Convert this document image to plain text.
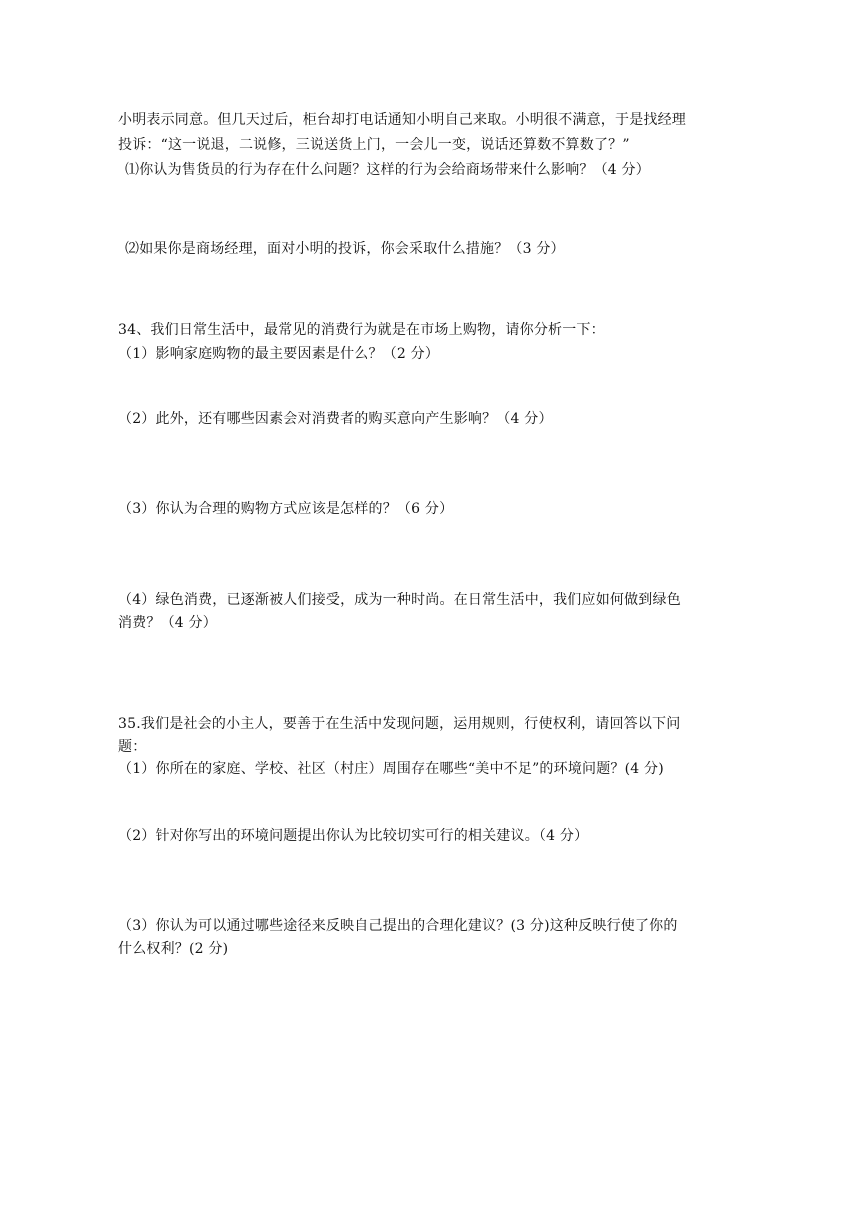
小明表示同意。但几天过后，柜台却打电话通知小明自己来取。小明很不满意，于是找经理
投诉：“这一说退，二说修，三说送货上门，一会儿一变，说话还算数不算数了？”
⑴你认为售货员的行为存在什么问题？这样的行为会给商场带来什么影响？（4 分）
⑵如果你是商场经理，面对小明的投诉，你会采取什么措施？（3 分）
34、我们日常生活中，最常见的消费行为就是在市场上购物，请你分析一下：
（1）影响家庭购物的最主要因素是什么？（2 分）
（2）此外，还有哪些因素会对消费者的购买意向产生影响？（4 分）
（3）你认为合理的购物方式应该是怎样的？（6 分）
（4）绿色消费，已逐渐被人们接受，成为一种时尚。在日常生活中，我们应如何做到绿色
消费？（4 分）
35.我们是社会的小主人，要善于在生活中发现问题，运用规则，行使权利，请回答以下问
题：
（1）你所在的家庭、学校、社区（村庄）周围存在哪些“美中不足”的环境问题？(4 分)
（2）针对你写出的环境问题提出你认为比较切实可行的相关建议。（4 分）
（3）你认为可以通过哪些途径来反映自己提出的合理化建议？(3 分)这种反映行使了你的
什么权利？(2 分)
